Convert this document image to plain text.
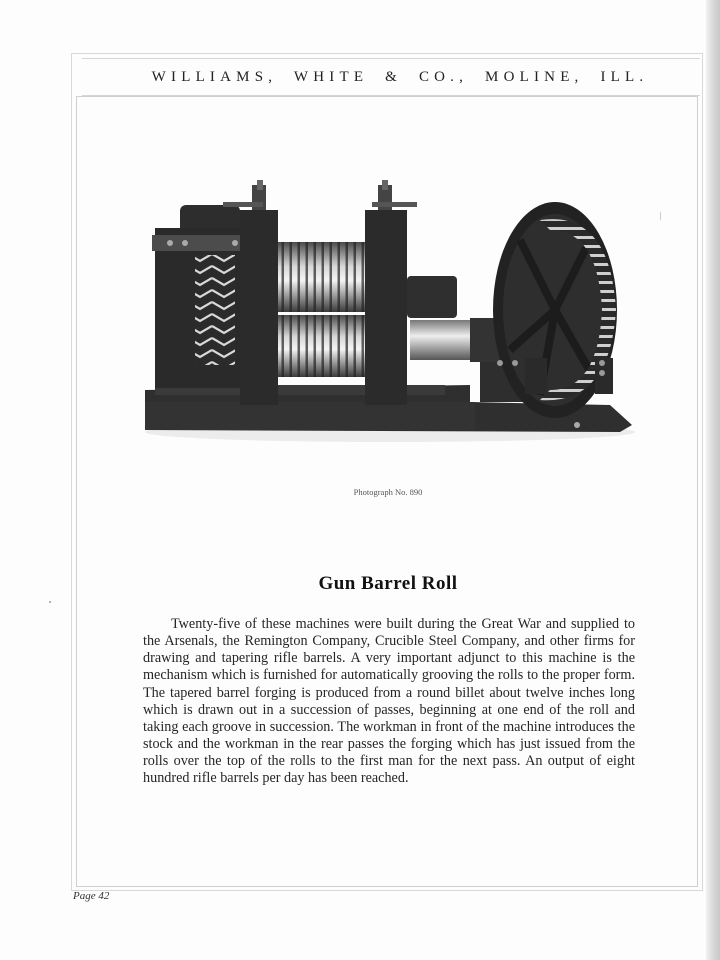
WILLIAMS, WHITE & CO., MOLINE, ILL.
Photograph No. 890
Gun Barrel Roll
Twenty-five of these machines were built during the Great War and supplied to the Arsenals, the Remington Company, Crucible Steel Company, and other firms for drawing and tapering rifle barrels. A very important adjunct to this machine is the mechanism which is furnished for automatically grooving the rolls to the proper form. The tapered barrel forging is produced from a round billet about twelve inches long which is drawn out in a succession of passes, beginning at one end of the roll and taking each groove in succession. The workman in front of the machine introduces the stock and the workman in the rear passes the forging which has just issued from the rolls over the top of the rolls to the first man for the next pass. An output of eight hundred rifle barrels per day has been reached.
Page 42
